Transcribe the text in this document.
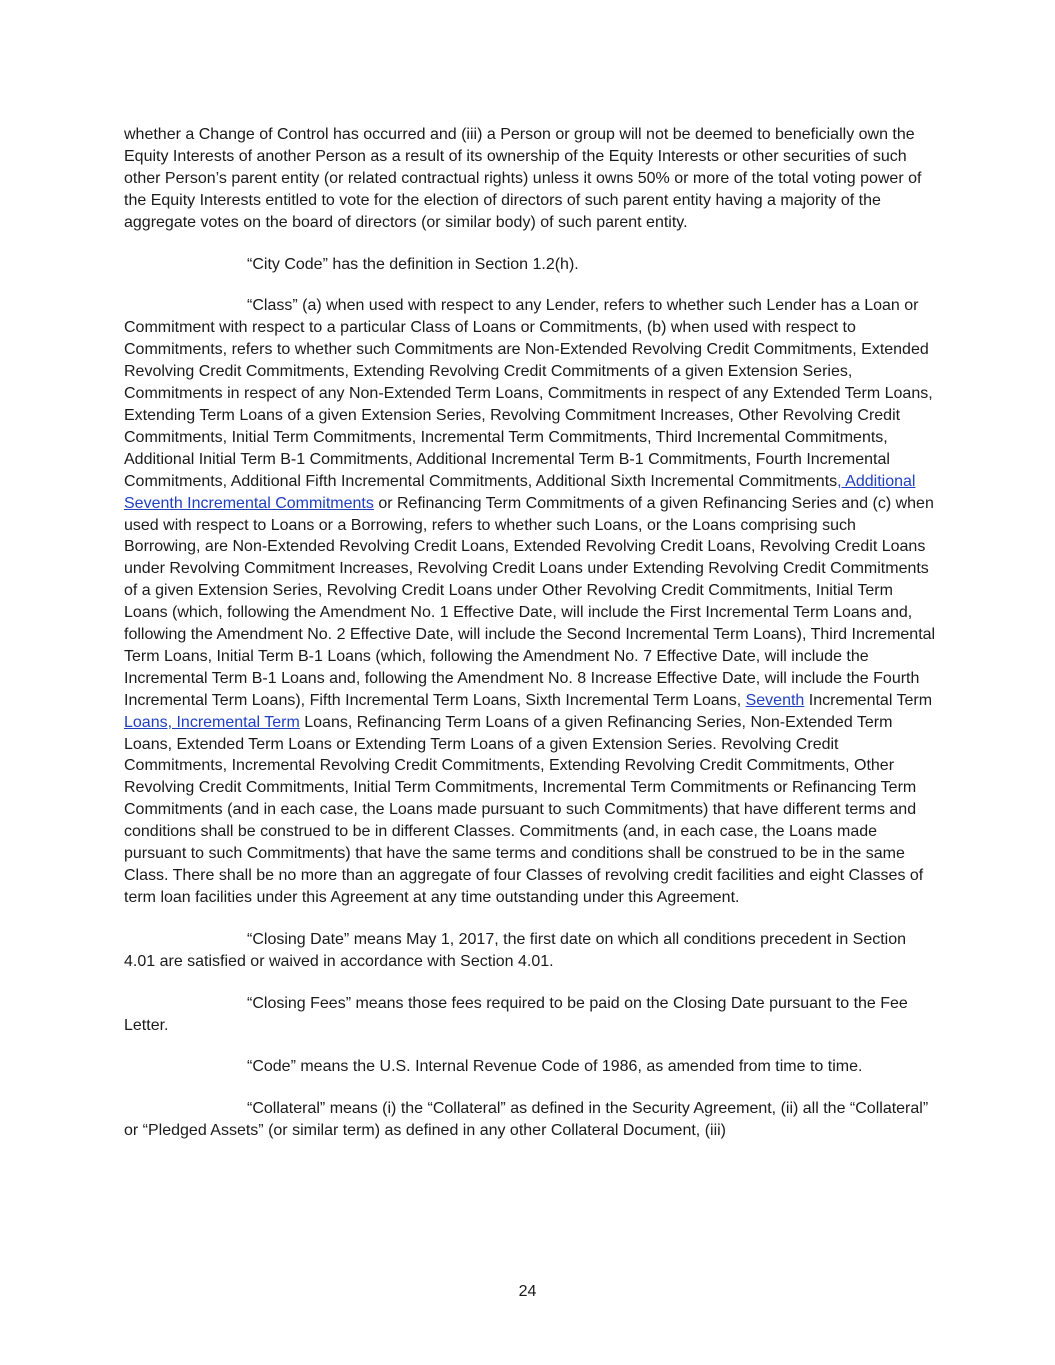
whether a Change of Control has occurred and (iii) a Person or group will not be deemed to beneficially own the Equity Interests of another Person as a result of its ownership of the Equity Interests or other securities of such other Person’s parent entity (or related contractual rights) unless it owns 50% or more of the total voting power of the Equity Interests entitled to vote for the election of directors of such parent entity having a majority of the aggregate votes on the board of directors (or similar body) of such parent entity.

“City Code” has the definition in Section 1.2(h).

“Class” (a) when used with respect to any Lender, refers to whether such Lender has a Loan or Commitment with respect to a particular Class of Loans or Commitments, (b) when used with respect to Commitments, refers to whether such Commitments are Non-Extended Revolving Credit Commitments, Extended Revolving Credit Commitments, Extending Revolving Credit Commitments of a given Extension Series, Commitments in respect of any Non-Extended Term Loans, Commitments in respect of any Extended Term Loans, Extending Term Loans of a given Extension Series, Revolving Commitment Increases, Other Revolving Credit Commitments, Initial Term Commitments, Incremental Term Commitments, Third Incremental Commitments, Additional Initial Term B-1 Commitments, Additional Incremental Term B-1 Commitments, Fourth Incremental Commitments, Additional Fifth Incremental Commitments, Additional Sixth Incremental Commitments, Additional Seventh Incremental Commitments or Refinancing Term Commitments of a given Refinancing Series and (c) when used with respect to Loans or a Borrowing, refers to whether such Loans, or the Loans comprising such Borrowing, are Non-Extended Revolving Credit Loans, Extended Revolving Credit Loans, Revolving Credit Loans under Revolving Commitment Increases, Revolving Credit Loans under Extending Revolving Credit Commitments of a given Extension Series, Revolving Credit Loans under Other Revolving Credit Commitments, Initial Term Loans (which, following the Amendment No. 1 Effective Date, will include the First Incremental Term Loans and, following the Amendment No. 2 Effective Date, will include the Second Incremental Term Loans), Third Incremental Term Loans, Initial Term B-1 Loans (which, following the Amendment No. 7 Effective Date, will include the Incremental Term B-1 Loans and, following the Amendment No. 8 Increase Effective Date, will include the Fourth Incremental Term Loans), Fifth Incremental Term Loans, Sixth Incremental Term Loans, Seventh Incremental Term Loans, Incremental Term Loans, Refinancing Term Loans of a given Refinancing Series, Non-Extended Term Loans, Extended Term Loans or Extending Term Loans of a given Extension Series. Revolving Credit Commitments, Incremental Revolving Credit Commitments, Extending Revolving Credit Commitments, Other Revolving Credit Commitments, Initial Term Commitments, Incremental Term Commitments or Refinancing Term Commitments (and in each case, the Loans made pursuant to such Commitments) that have different terms and conditions shall be construed to be in different Classes. Commitments (and, in each case, the Loans made pursuant to such Commitments) that have the same terms and conditions shall be construed to be in the same Class. There shall be no more than an aggregate of four Classes of revolving credit facilities and eight Classes of term loan facilities under this Agreement at any time outstanding under this Agreement.

“Closing Date” means May 1, 2017, the first date on which all conditions precedent in Section 4.01 are satisfied or waived in accordance with Section 4.01.

“Closing Fees” means those fees required to be paid on the Closing Date pursuant to the Fee Letter.

“Code” means the U.S. Internal Revenue Code of 1986, as amended from time to time.

“Collateral” means (i) the “Collateral” as defined in the Security Agreement, (ii) all the “Collateral” or “Pledged Assets” (or similar term) as defined in any other Collateral Document, (iii)

24
